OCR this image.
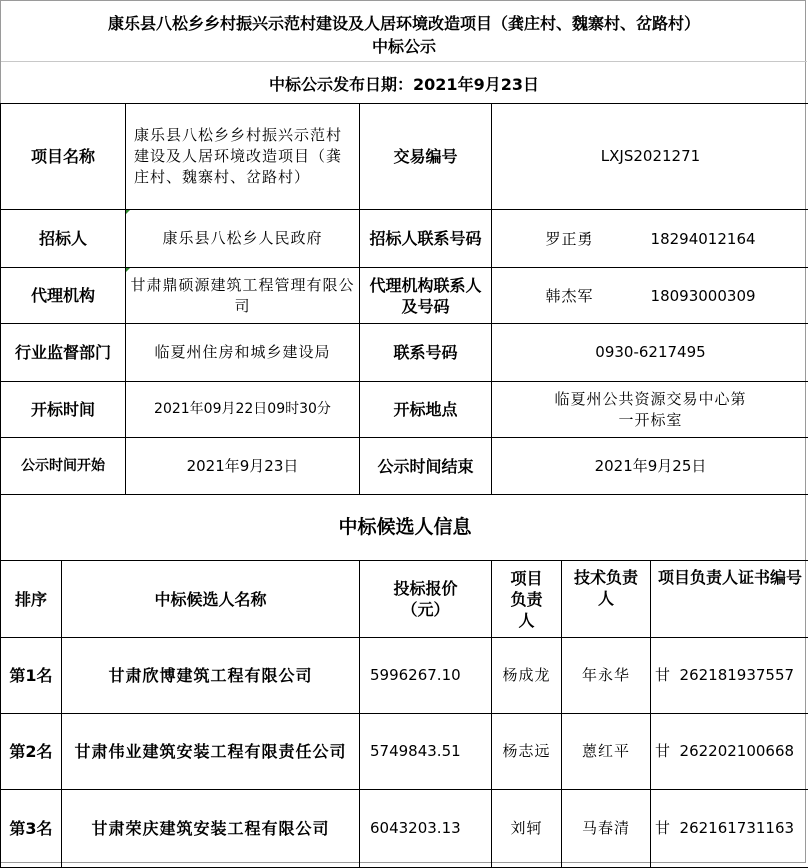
康乐县八松乡乡村振兴示范村建设及人居环境改造项目（龚庄村、魏寨村、岔路村）
中标公示
中标公示发布日期：2021年9月23日
项目名称	康乐县八松乡乡村振兴示范村建设及人居环境改造项目（龚庄村、魏寨村、岔路村）	交易编号	LXJS2021271
招标人	康乐县八松乡人民政府	招标人联系号码	罗正勇 18294012164
代理机构	甘肃鼎硕源建筑工程管理有限公司	代理机构联系人及号码	韩杰军 18093000309
行业监督部门	临夏州住房和城乡建设局	联系号码	0930-6217495
开标时间	2021年09月22日09时30分	开标地点	临夏州公共资源交易中心第一开标室
公示时间开始	2021年9月23日	公示时间结束	2021年9月25日
中标候选人信息			
排序	中标候选人名称	投标报价（元）	项目负责人	技术负责人	项目负责人证书编号
第1名	甘肃欣博建筑工程有限公司	5996267.10	杨成龙	年永华	甘  262181937557
第2名	甘肃伟业建筑安装工程有限责任公司	5749843.51	杨志远	蒽红平	甘  262202100668
第3名	甘肃荣庆建筑安装工程有限公司	6043203.13	刘轲	马春清	甘  262161731163
